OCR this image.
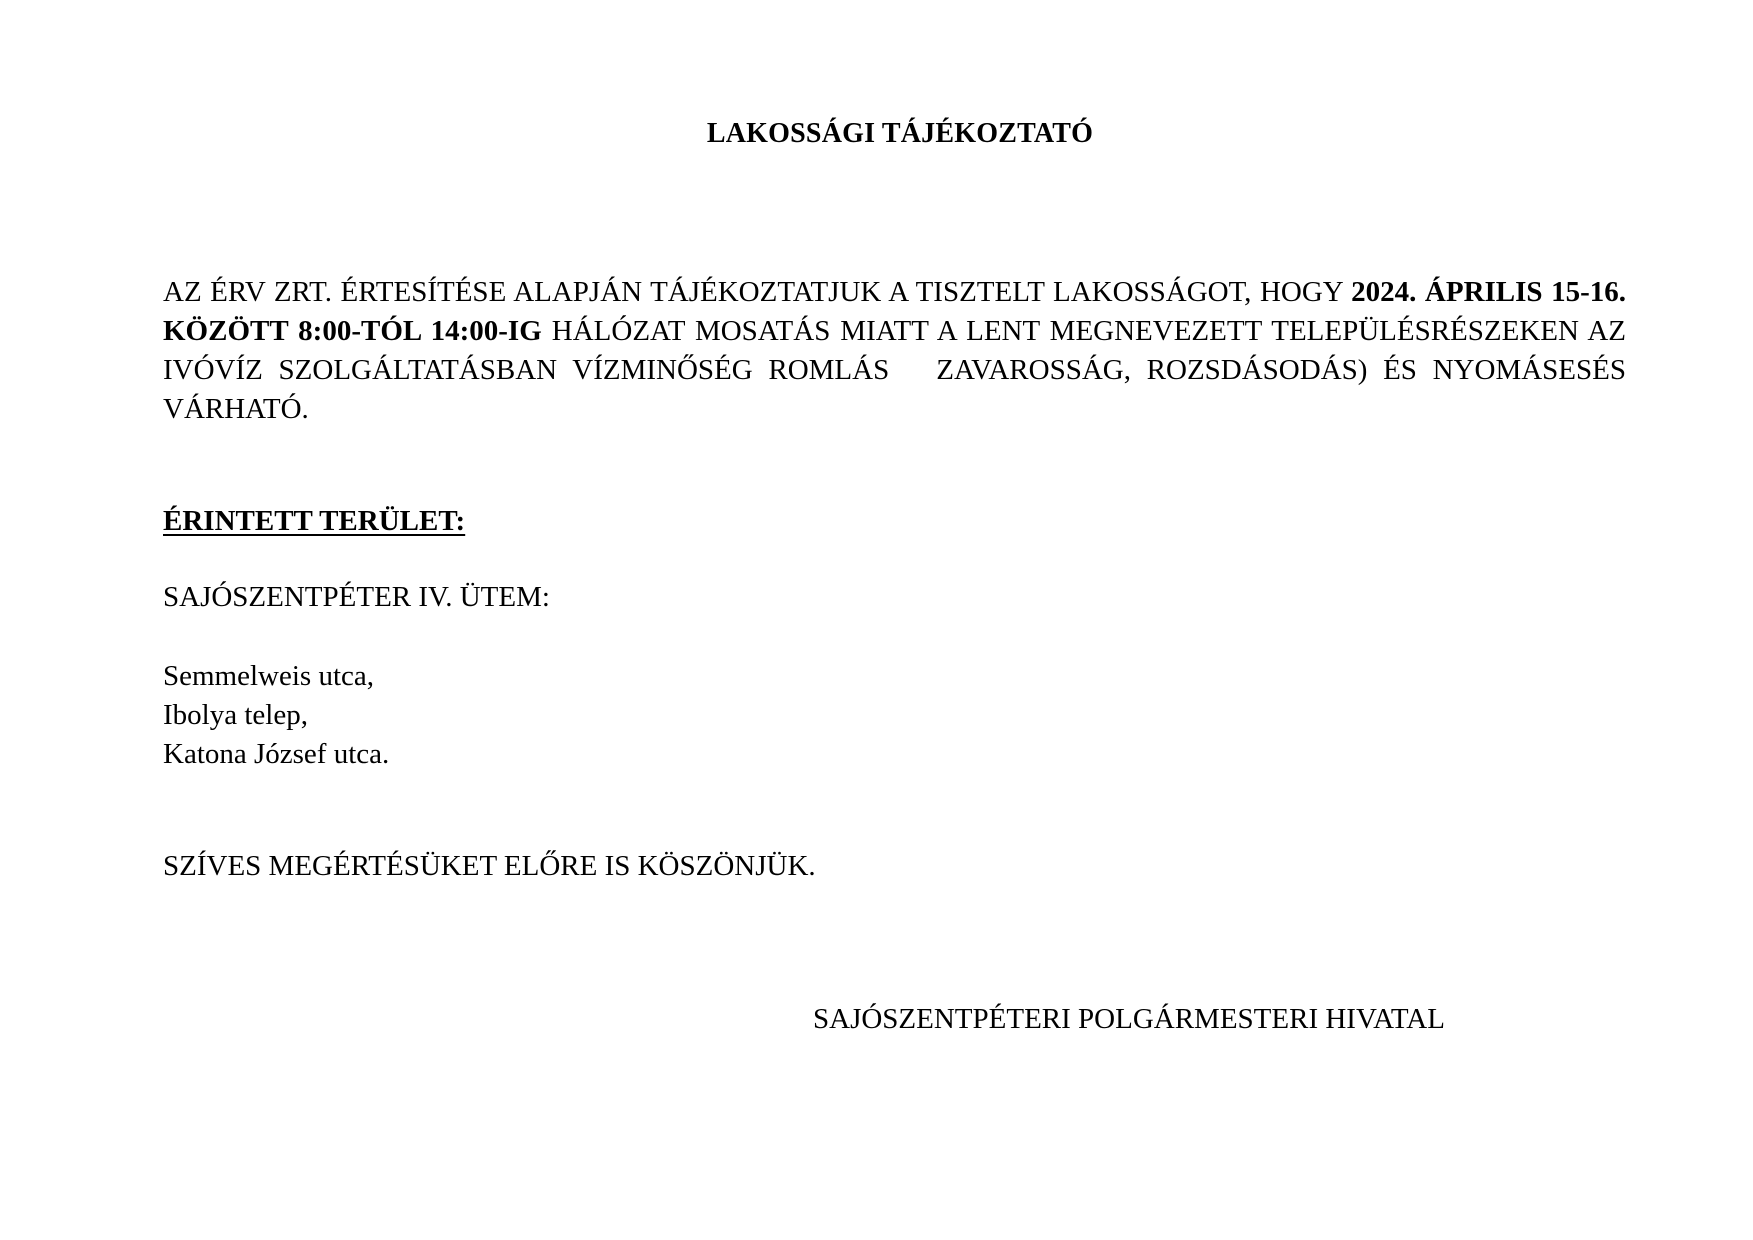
LAKOSSÁGI TÁJÉKOZTATÓ

AZ ÉRV ZRT. ÉRTESÍTÉSE ALAPJÁN TÁJÉKOZTATJUK A TISZTELT LAKOSSÁGOT, HOGY 2024. ÁPRILIS 15-16. KÖZÖTT 8:00-TÓL 14:00-IG HÁLÓZAT MOSATÁS MIATT A LENT MEGNEVEZETT TELEPÜLÉSRÉSZEKEN AZ IVÓVÍZ SZOLGÁLTATÁSBAN VÍZMINŐSÉG ROMLÁS   ZAVAROSSÁG, ROZSDÁSODÁS) ÉS NYOMÁSESÉS VÁRHATÓ.

ÉRINTETT TERÜLET:
SAJÓSZENTPÉTER IV. ÜTEM:
Semmelweis utca,
Ibolya telep,
Katona József utca.
SZÍVES MEGÉRTÉSÜKET ELŐRE IS KÖSZÖNJÜK.
SAJÓSZENTPÉTERI POLGÁRMESTERI HIVATAL
